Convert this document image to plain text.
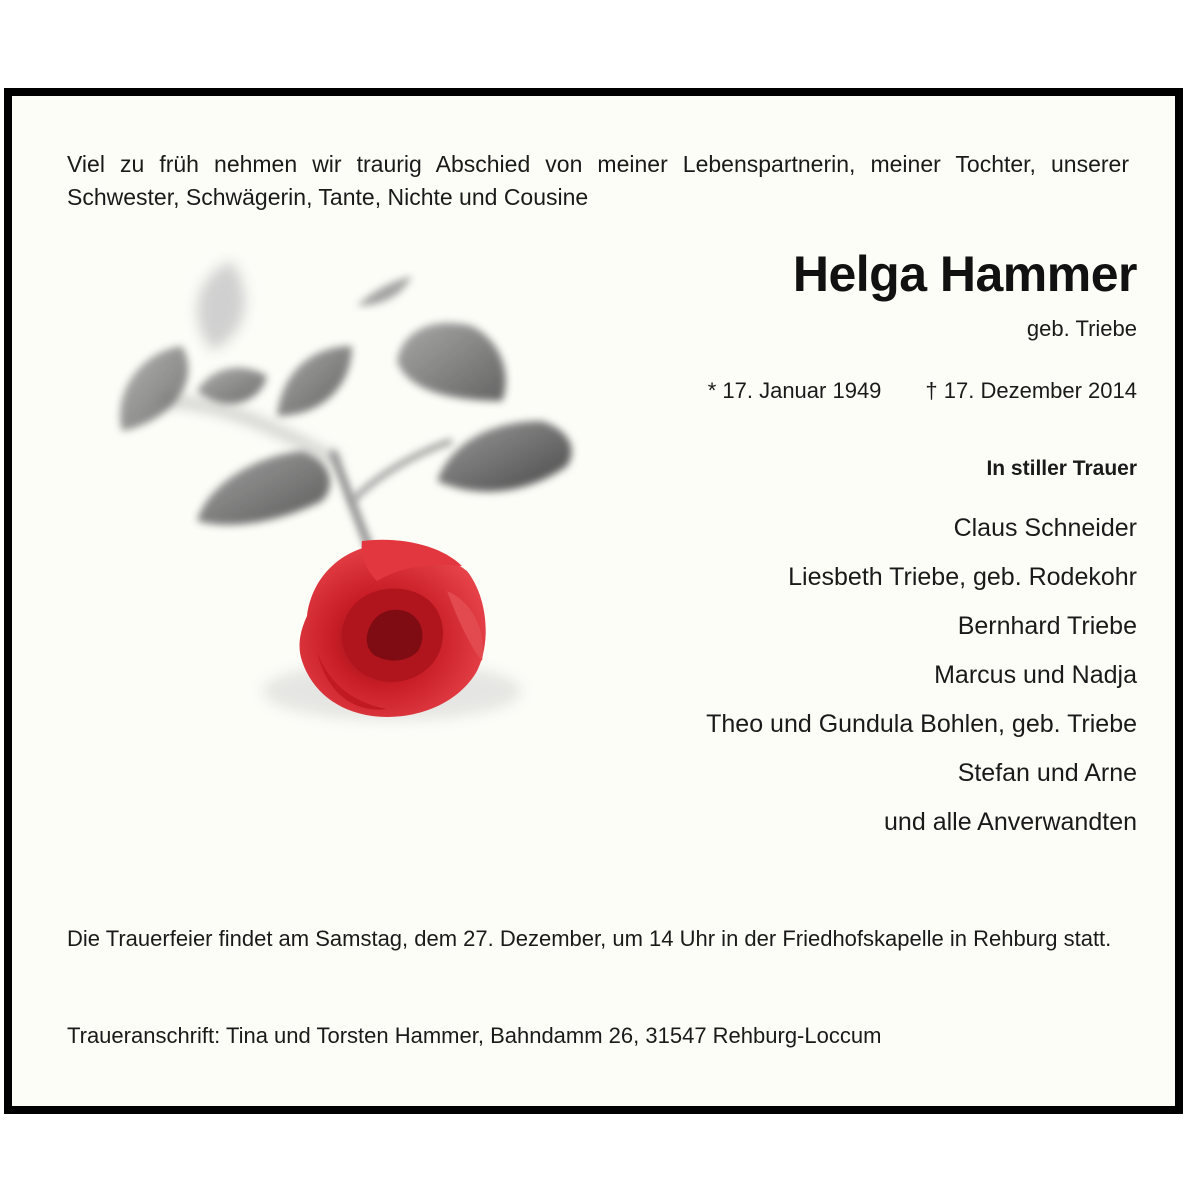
Viel zu früh nehmen wir traurig Abschied von meiner Lebenspartnerin, meiner Tochter, unserer Schwester, Schwägerin, Tante, Nichte und Cousine

Helga Hammer
geb. Triebe
* 17. Januar 1949 † 17. Dezember 2014
In stiller Trauer
Claus Schneider
Liesbeth Triebe, geb. Rodekohr
Bernhard Triebe
Marcus und Nadja
Theo und Gundula Bohlen, geb. Triebe
Stefan und Arne
und alle Anverwandten

Die Trauerfeier findet am Samstag, dem 27. Dezember, um 14 Uhr in der Friedhofskapelle in Rehburg statt.

Traueranschrift: Tina und Torsten Hammer, Bahndamm 26, 31547 Rehburg-Loccum
